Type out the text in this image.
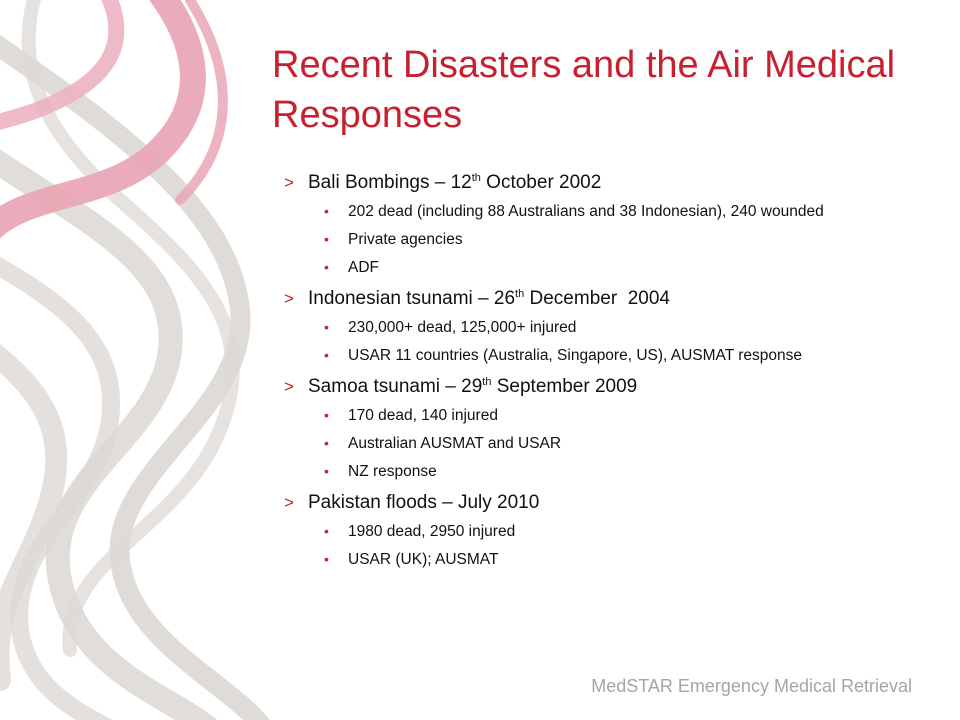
Recent Disasters and the Air Medical Responses
> Bali Bombings – 12th October 2002
• 202 dead (including 88 Australians and 38 Indonesian), 240 wounded
• Private agencies
• ADF
> Indonesian tsunami – 26th December  2004
• 230,000+ dead, 125,000+ injured
• USAR 11 countries (Australia, Singapore, US), AUSMAT response
> Samoa tsunami – 29th September 2009
• 170 dead, 140 injured
• Australian AUSMAT and USAR
• NZ response
> Pakistan floods – July 2010
• 1980 dead, 2950 injured
• USAR (UK); AUSMAT
MedSTAR Emergency Medical Retrieval
